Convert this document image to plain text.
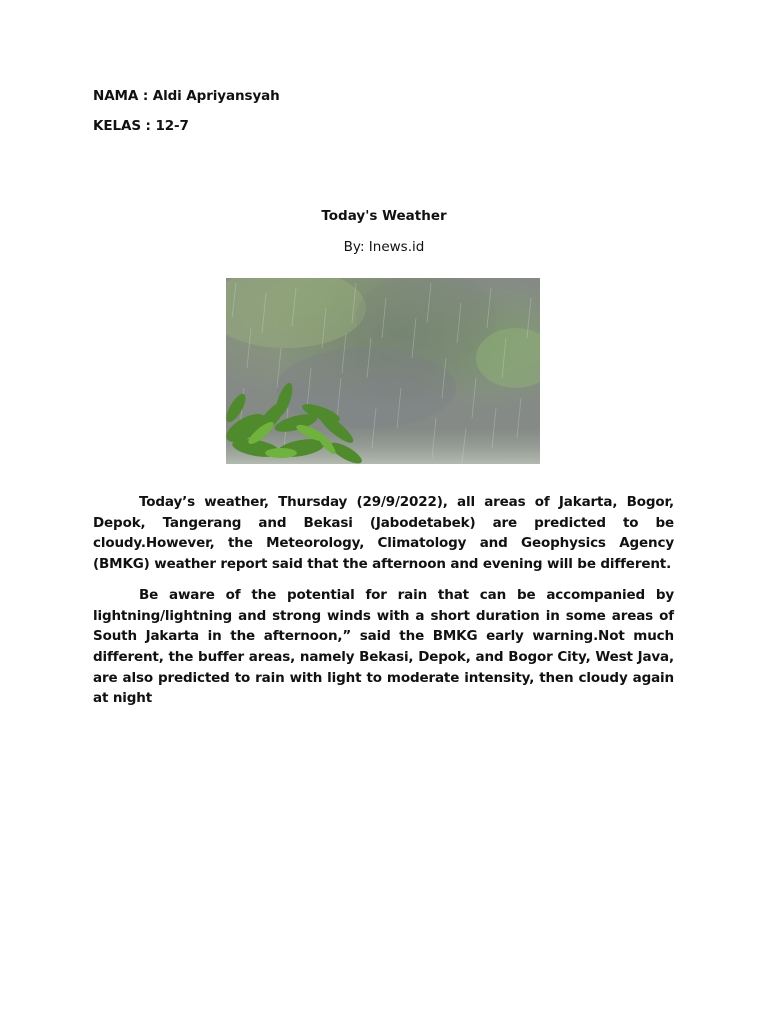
NAMA : Aldi Apriyansyah
KELAS : 12-7
Today's Weather
By: Inews.id

Today’s weather, Thursday (29/9/2022), all areas of Jakarta, Bogor, Depok, Tangerang and Bekasi (Jabodetabek) are predicted to be cloudy.However, the Meteorology, Climatology and Geophysics Agency (BMKG) weather report said that the afternoon and evening will be different.

Be aware of the potential for rain that can be accompanied by lightning/lightning and strong winds with a short duration in some areas of South Jakarta in the afternoon,” said the BMKG early warning.Not much different, the buffer areas, namely Bekasi, Depok, and Bogor City, West Java, are also predicted to rain with light to moderate intensity, then cloudy again at night
